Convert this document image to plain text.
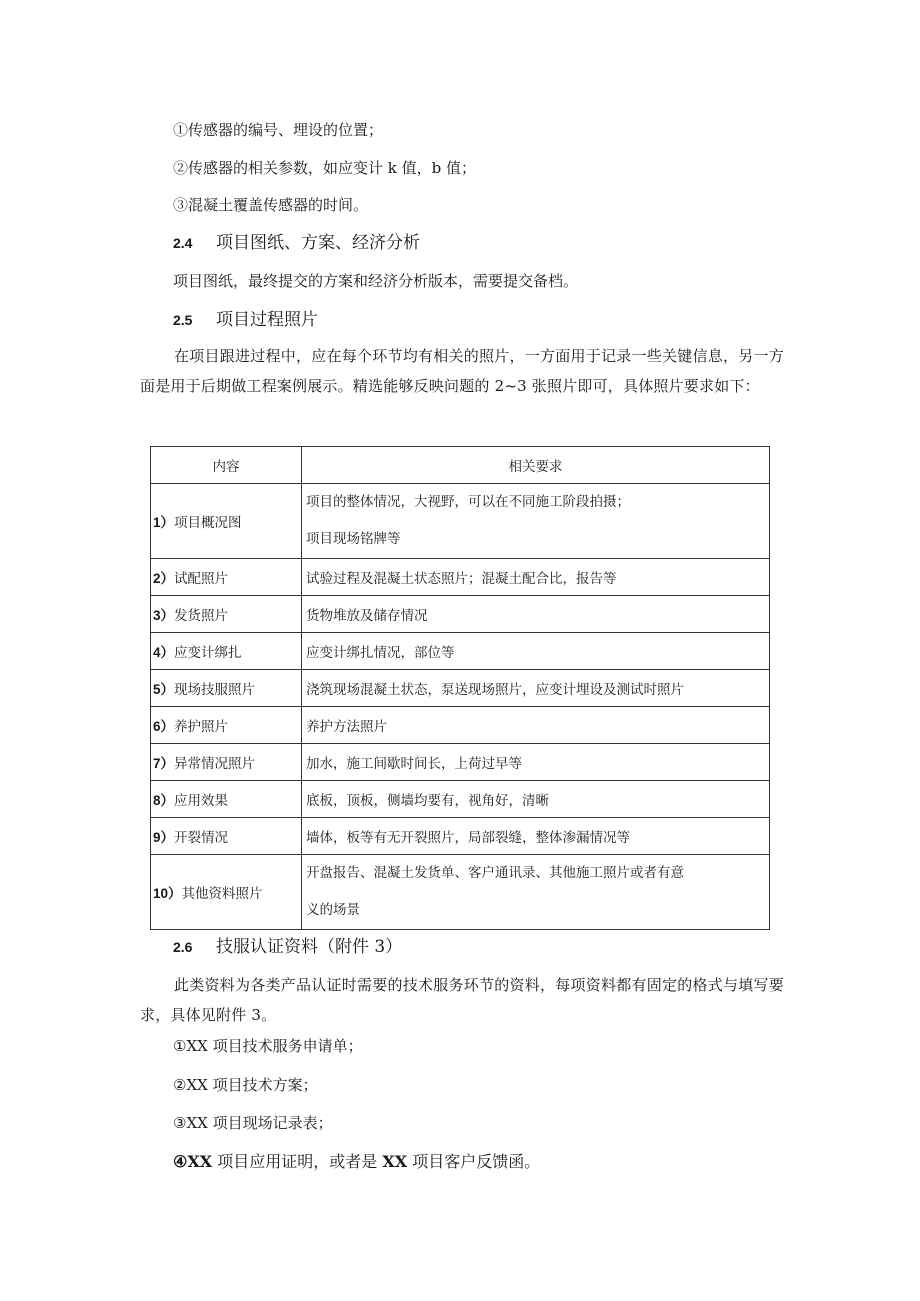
①传感器的编号、埋设的位置；
②传感器的相关参数，如应变计 k 值，b 值；
③混凝土覆盖传感器的时间。
2.4 项目图纸、方案、经济分析
项目图纸，最终提交的方案和经济分析版本，需要提交备档。
2.5 项目过程照片
在项目跟进过程中，应在每个环节均有相关的照片，一方面用于记录一些关键信息，另一方面是用于后期做工程案例展示。精选能够反映问题的 2~3 张照片即可，具体照片要求如下：
内容	相关要求
1）项目概况图	项目的整体情况，大视野，可以在不同施工阶段拍摄；
项目现场铭牌等

2）试配照片	试验过程及混凝土状态照片；混凝土配合比，报告等
3）发货照片	货物堆放及储存情况
4）应变计绑扎	应变计绑扎情况，部位等
5）现场技服照片	浇筑现场混凝土状态，泵送现场照片，应变计埋设及测试时照片
6）养护照片	养护方法照片
7）异常情况照片	加水，施工间歇时间长，上荷过早等
8）应用效果	底板，顶板，侧墙均要有，视角好，清晰
9）开裂情况	墙体，板等有无开裂照片，局部裂缝，整体渗漏情况等
10）其他资料照片	开盘报告、混凝土发货单、客户通讯录、其他施工照片或者有意
义的场景
2.6 技服认证资料（附件 3）
此类资料为各类产品认证时需要的技术服务环节的资料，每项资料都有固定的格式与填写要求，具体见附件 3。
①XX 项目技术服务申请单；
②XX 项目技术方案；
③XX 项目现场记录表；
④XX 项目应用证明，或者是 XX 项目客户反馈函。
